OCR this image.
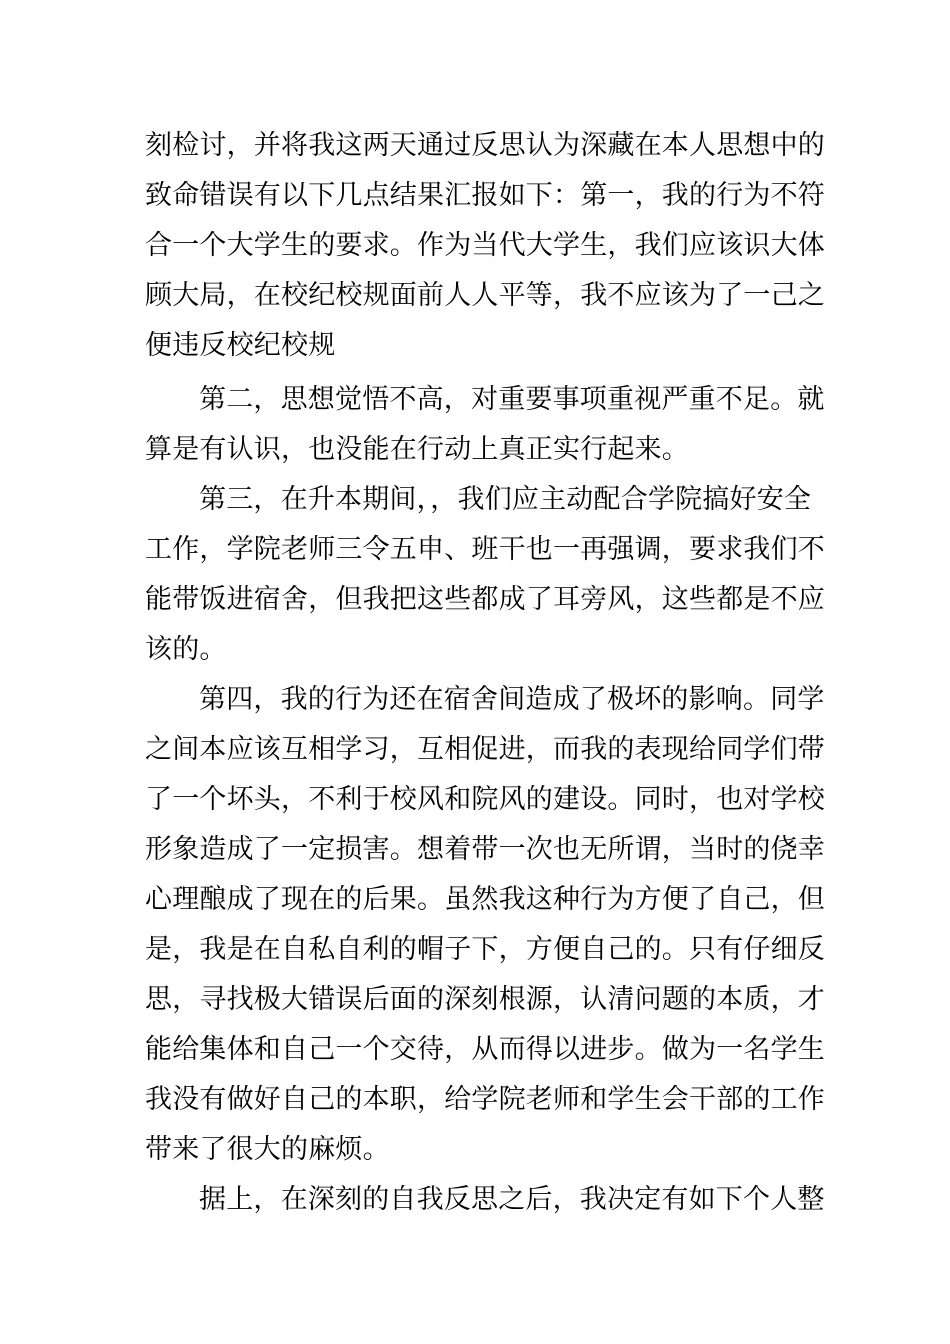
刻检讨，并将我这两天通过反思认为深藏在本人思想中的
致命错误有以下几点结果汇报如下：第一，我的行为不符
合一个大学生的要求。作为当代大学生，我们应该识大体
顾大局，在校纪校规面前人人平等，我不应该为了一己之
便违反校纪校规
第二，思想觉悟不高，对重要事项重视严重不足。就
算是有认识，也没能在行动上真正实行起来。
第三，在升本期间，，我们应主动配合学院搞好安全
工作，学院老师三令五申、班干也一再强调，要求我们不
能带饭进宿舍，但我把这些都成了耳旁风，这些都是不应
该的。
第四，我的行为还在宿舍间造成了极坏的影响。同学
之间本应该互相学习，互相促进，而我的表现给同学们带
了一个坏头，不利于校风和院风的建设。同时，也对学校
形象造成了一定损害。想着带一次也无所谓，当时的侥幸
心理酿成了现在的后果。虽然我这种行为方便了自己，但
是，我是在自私自利的帽子下，方便自己的。只有仔细反
思，寻找极大错误后面的深刻根源，认清问题的本质，才
能给集体和自己一个交待，从而得以进步。做为一名学生
我没有做好自己的本职，给学院老师和学生会干部的工作
带来了很大的麻烦。
据上，在深刻的自我反思之后，我决定有如下个人整
